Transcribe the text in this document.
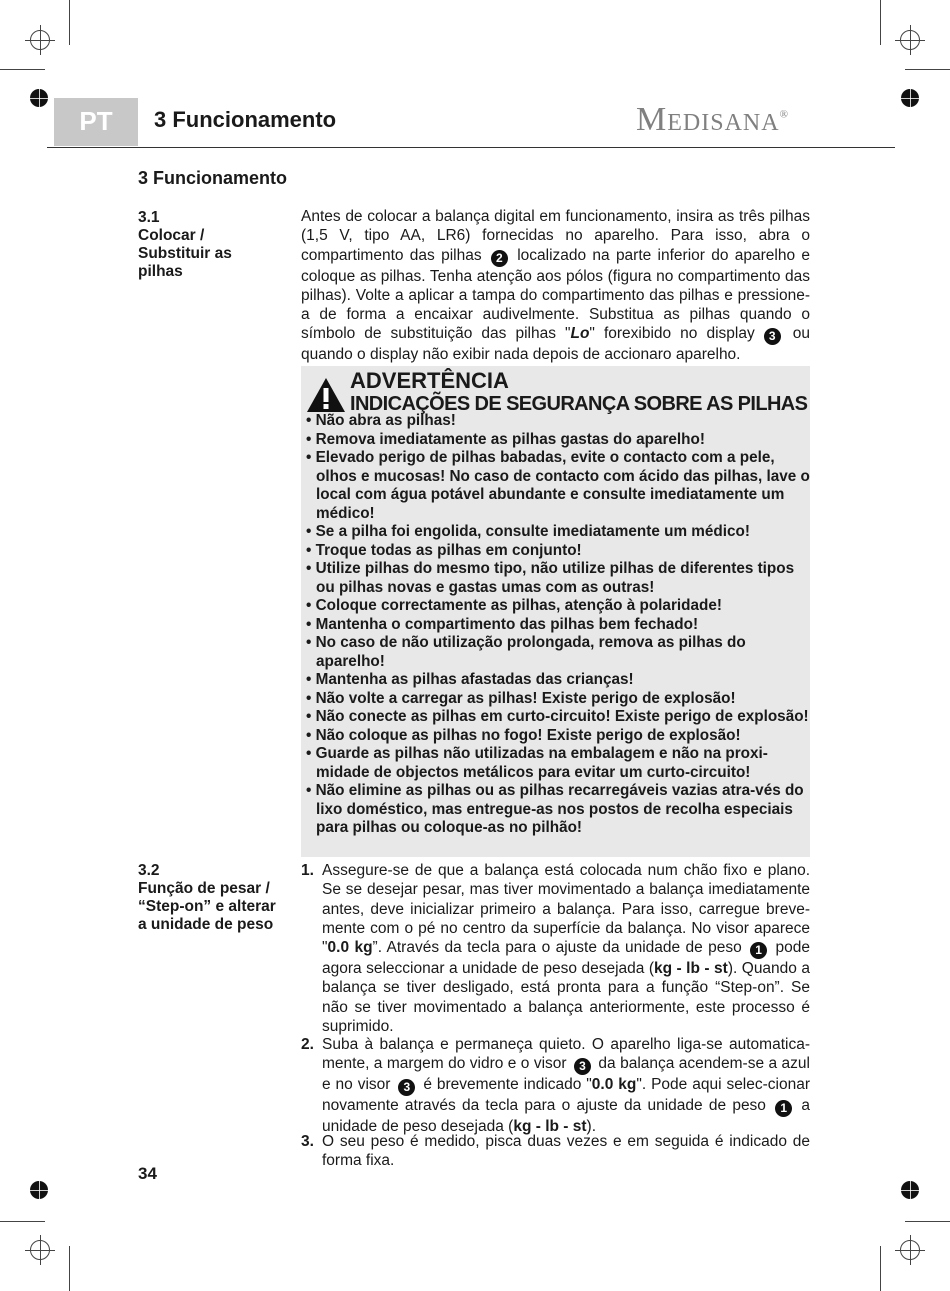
PT	3 Funcionamento	Medisana®
3 Funcionamento
3.1
Colocar /
Substituir as
pilhas
Antes de colocar a balança digital em funcionamento, insira as três pilhas (1,5 V, tipo AA, LR6) fornecidas no aparelho. Para isso, abra o compartimento das pilhas 2 localizado na parte inferior do aparelho e coloque as pilhas. Tenha atenção aos pólos (figura no compartimento das pilhas). Volte a aplicar a tampa do compartimento das pilhas e pressione-a de forma a encaixar audivelmente. Substitua as pilhas quando o símbolo de substituição das pilhas "Lo" forexibido no display 3 ou quando o display não exibir nada depois de accionaro aparelho.
ADVERTÊNCIA
INDICAÇÕES DE SEGURANÇA SOBRE AS PILHAS
• Não abra as pilhas!
• Remova imediatamente as pilhas gastas do aparelho!
• Elevado perigo de pilhas babadas, evite o contacto com a pele, olhos e mucosas! No caso de contacto com ácido das pilhas, lave o local com água potável abundante e consulte imediatamente um médico!
• Se a pilha foi engolida, consulte imediatamente um médico!
• Troque todas as pilhas em conjunto!
• Utilize pilhas do mesmo tipo, não utilize pilhas de diferentes tipos ou pilhas novas e gastas umas com as outras!
• Coloque correctamente as pilhas, atenção à polaridade!
• Mantenha o compartimento das pilhas bem fechado!
• No caso de não utilização prolongada, remova as pilhas do aparelho!
• Mantenha as pilhas afastadas das crianças!
• Não volte a carregar as pilhas! Existe perigo de explosão!
• Não conecte as pilhas em curto-circuito! Existe perigo de explosão!
• Não coloque as pilhas no fogo! Existe perigo de explosão!
• Guarde as pilhas não utilizadas na embalagem e não na proxi-midade de objectos metálicos para evitar um curto-circuito!
• Não elimine as pilhas ou as pilhas recarregáveis vazias atra-vés do lixo doméstico, mas entregue-as nos postos de recolha especiais para pilhas ou coloque-as no pilhão!
3.2
Função de pesar /
“Step-on” e alterar
a unidade de peso
1. Assegure-se de que a balança está colocada num chão fixo e plano. Se se desejar pesar, mas tiver movimentado a balança imediatamente antes, deve inicializar primeiro a balança. Para isso, carregue breve-mente com o pé no centro da superfície da balança. No visor aparece "0.0 kg”. Através da tecla para o ajuste da unidade de peso 1 pode agora seleccionar a unidade de peso desejada (kg - lb - st). Quando a balança se tiver desligado, está pronta para a função “Step-on”. Se não se tiver movimentado a balança anteriormente, este processo é suprimido.
2. Suba à balança e permaneça quieto. O aparelho liga-se automatica-mente, a margem do vidro e o visor 3 da balança acendem-se a azul e no visor 3 é brevemente indicado "0.0 kg". Pode aqui selec-cionar novamente através da tecla para o ajuste da unidade de peso 1 a unidade de peso desejada (kg - lb - st).
3. O seu peso é medido, pisca duas vezes e em seguida é indicado de forma fixa.
34
